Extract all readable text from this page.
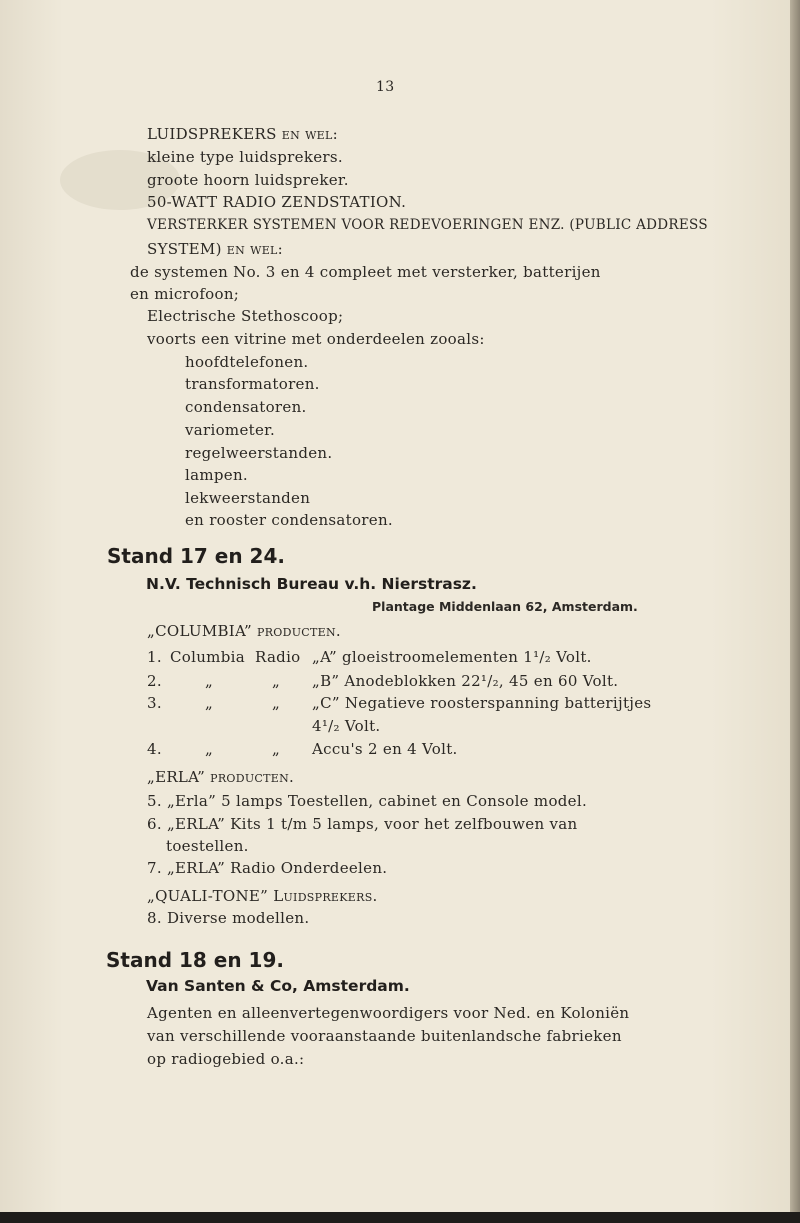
13
LUIDSPREKERS en wel:
kleine type luidsprekers.
groote hoorn luidspreker.
50-WATT RADIO ZENDSTATION.
VERSTERKER SYSTEMEN VOOR REDEVOERINGEN ENZ. (PUBLIC ADDRESS
SYSTEM) en wel:
de systemen No. 3 en 4 compleet met versterker, batterijen
en microfoon;
Electrische Stethoscoop;
voorts een vitrine met onderdeelen zooals:
hoofdtelefonen.
transformatoren.
condensatoren.
variometer.
regelweerstanden.
lampen.
lekweerstanden
en rooster condensatoren.
Stand 17 en 24.
N.V. Technisch Bureau v.h. Nierstrasz.
Plantage Middenlaan 62, Amsterdam.
„COLUMBIA” producten.
1. Columbia Radio „A” gloeistroomelementen 1¹/₂ Volt.
2.	„	„ „B” Anodeblokken 22¹/₂, 45 en 60 Volt.
3.	„	„ „C” Negatieve roosterspanning batterijtjes
4¹/₂ Volt.
4.	„	„ Accu's 2 en 4 Volt.
„ERLA” producten.
5. „Erla” 5 lamps Toestellen, cabinet en Console model.
6. „ERLA” Kits 1 t/m 5 lamps, voor het zelfbouwen van
toestellen.
7. „ERLA” Radio Onderdeelen.
„QUALI-TONE” Luidsprekers.
8. Diverse modellen.
Stand 18 en 19.
Van Santen & Co, Amsterdam.
Agenten en alleenvertegenwoordigers voor Ned. en Koloniën
van verschillende vooraanstaande buitenlandsche fabrieken
op radiogebied o.a.:
